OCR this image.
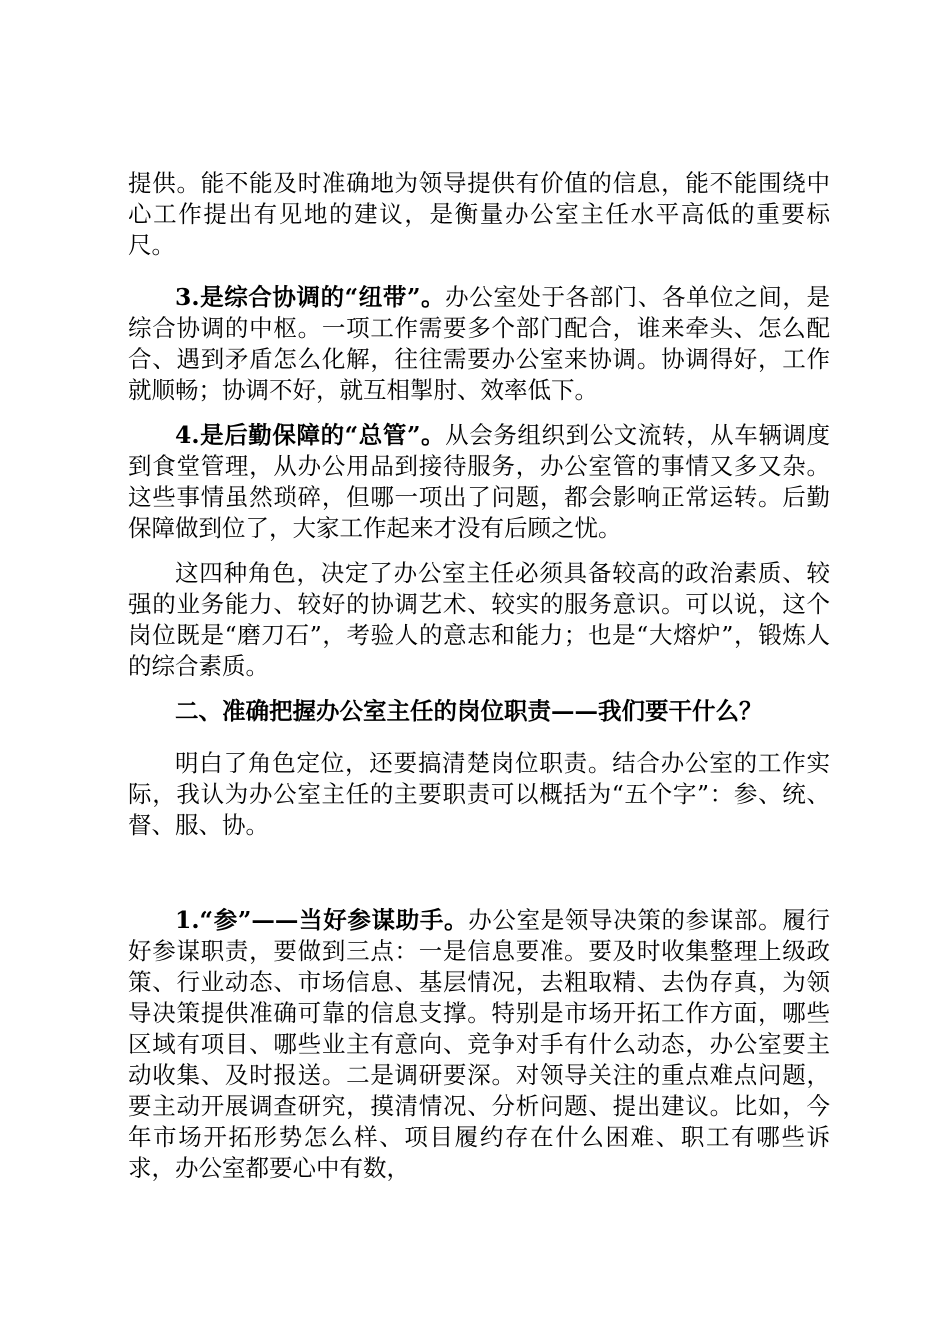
提供。能不能及时准确地为领导提供有价值的信息，能不能围绕中心工作提出有见地的建议，是衡量办公室主任水平高低的重要标尺。
3.是综合协调的“纽带”。办公室处于各部门、各单位之间，是综合协调的中枢。一项工作需要多个部门配合，谁来牵头、怎么配合、遇到矛盾怎么化解，往往需要办公室来协调。协调得好，工作就顺畅；协调不好，就互相掣肘、效率低下。
4.是后勤保障的“总管”。从会务组织到公文流转，从车辆调度到食堂管理，从办公用品到接待服务，办公室管的事情又多又杂。这些事情虽然琐碎，但哪一项出了问题，都会影响正常运转。后勤保障做到位了，大家工作起来才没有后顾之忧。
这四种角色，决定了办公室主任必须具备较高的政治素质、较强的业务能力、较好的协调艺术、较实的服务意识。可以说，这个岗位既是“磨刀石”，考验人的意志和能力；也是“大熔炉”，锻炼人的综合素质。
二、准确把握办公室主任的岗位职责——我们要干什么？
明白了角色定位，还要搞清楚岗位职责。结合办公室的工作实际，我认为办公室主任的主要职责可以概括为“五个字”：参、统、督、服、协。
1.“参”——当好参谋助手。办公室是领导决策的参谋部。履行好参谋职责，要做到三点：一是信息要准。要及时收集整理上级政策、行业动态、市场信息、基层情况，去粗取精、去伪存真，为领导决策提供准确可靠的信息支撑。特别是市场开拓工作方面，哪些区域有项目、哪些业主有意向、竞争对手有什么动态，办公室要主动收集、及时报送。二是调研要深。对领导关注的重点难点问题，要主动开展调查研究，摸清情况、分析问题、提出建议。比如，今年市场开拓形势怎么样、项目履约存在什么困难、职工有哪些诉求，办公室都要心中有数，
